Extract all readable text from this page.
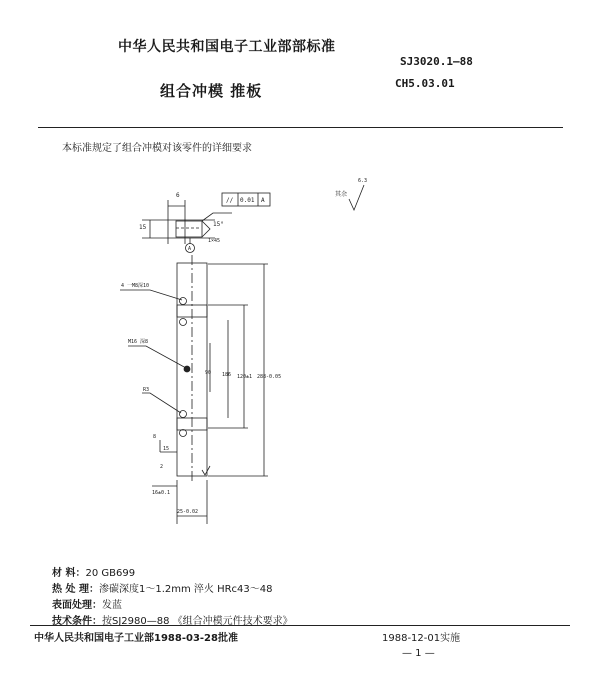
中华人民共和国电子工业部部标准
SJ3020.1—88
组合冲模 推板	CH5.03.01
本标准规定了组合冲模对该零件的详细要求
6
15	15°
1×45
// 0.01 A
A
其余
6.3
4 一M8深10
M16 深8
R3
90 186 120±1 288-0.05
15
8
16±0.1
25-0.02
2
材 料：20 GB699
热 处 理：渗碳深度1～1.2mm 淬火 HRc43～48
表面处理：发蓝
技术条件：按SJ2980—88 《组合冲模元件技术要求》
中华人民共和国电子工业部1988-03-28批准	1988-12-01实施
— 1 —
